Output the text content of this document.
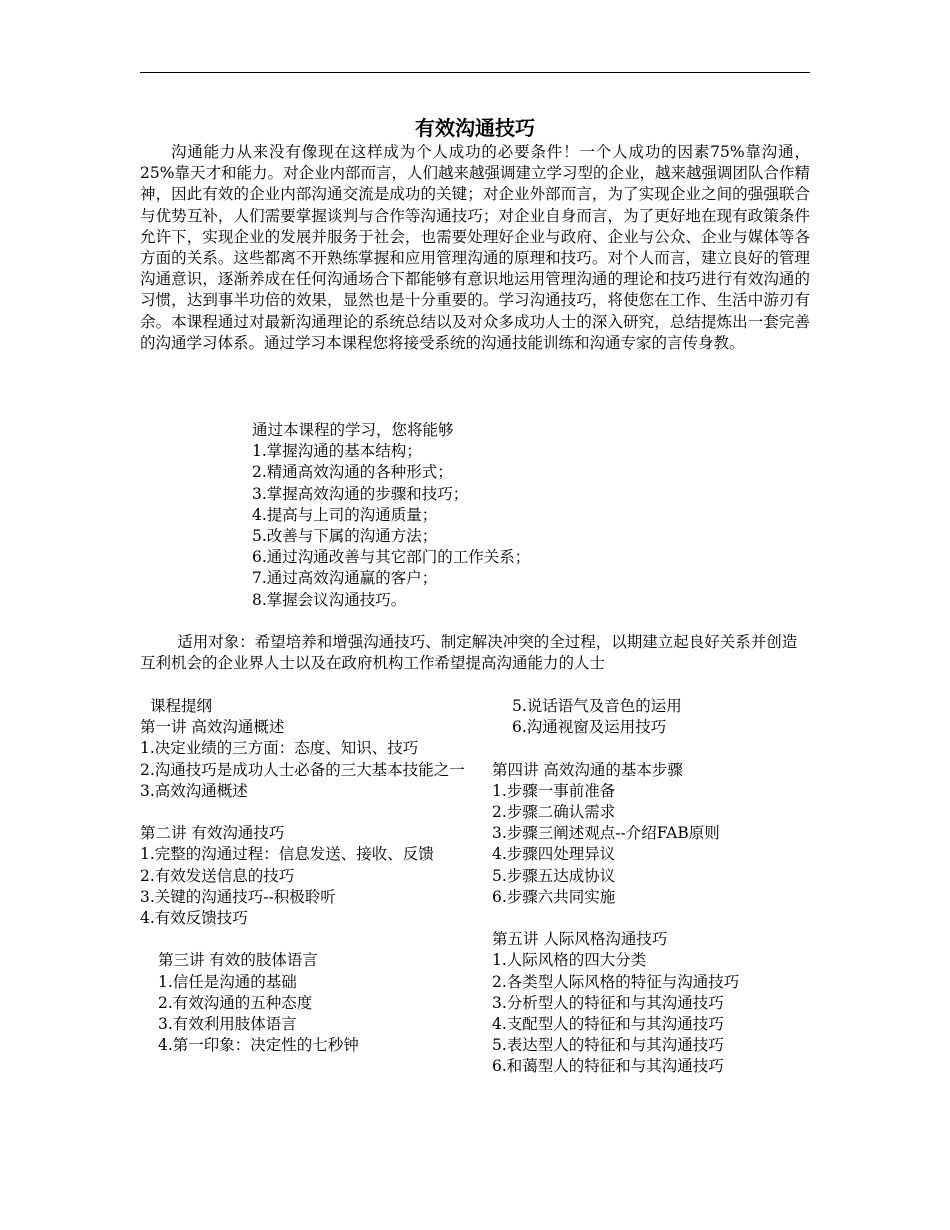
有效沟通技巧

沟通能力从来没有像现在这样成为个人成功的必要条件！一个人成功的因素75%靠沟通，25%靠天才和能力。对企业内部而言，人们越来越强调建立学习型的企业，越来越强调团队合作精神，因此有效的企业内部沟通交流是成功的关键；对企业外部而言，为了实现企业之间的强强联合与优势互补，人们需要掌握谈判与合作等沟通技巧；对企业自身而言，为了更好地在现有政策条件允许下，实现企业的发展并服务于社会，也需要处理好企业与政府、企业与公众、企业与媒体等各方面的关系。这些都离不开熟练掌握和应用管理沟通的原理和技巧。对个人而言，建立良好的管理沟通意识，逐渐养成在任何沟通场合下都能够有意识地运用管理沟通的理论和技巧进行有效沟通的习惯，达到事半功倍的效果，显然也是十分重要的。学习沟通技巧，将使您在工作、生活中游刃有余。本课程通过对最新沟通理论的系统总结以及对众多成功人士的深入研究，总结提炼出一套完善的沟通学习体系。通过学习本课程您将接受系统的沟通技能训练和沟通专家的言传身教。

通过本课程的学习，您将能够
1.掌握沟通的基本结构；
2.精通高效沟通的各种形式；
3.掌握高效沟通的步骤和技巧；
4.提高与上司的沟通质量；
5.改善与下属的沟通方法；
6.通过沟通改善与其它部门的工作关系；
7.通过高效沟通赢的客户；
8.掌握会议沟通技巧。

适用对象：希望培养和增强沟通技巧、制定解决冲突的全过程，以期建立起良好关系并创造互利机会的企业界人士以及在政府机构工作希望提高沟通能力的人士

课程提纲
第一讲 高效沟通概述
1.决定业绩的三方面：态度、知识、技巧
2.沟通技巧是成功人士必备的三大基本技能之一
3.高效沟通概述
第二讲 有效沟通技巧
1.完整的沟通过程：信息发送、接收、反馈
2.有效发送信息的技巧
3.关键的沟通技巧--积极聆听
4.有效反馈技巧
第三讲 有效的肢体语言
1.信任是沟通的基础
2.有效沟通的五种态度
3.有效利用肢体语言
4.第一印象：决定性的七秒钟
5.说话语气及音色的运用
6.沟通视窗及运用技巧
第四讲 高效沟通的基本步骤
1.步骤一事前准备
2.步骤二确认需求
3.步骤三阐述观点--介绍FAB原则
4.步骤四处理异议
5.步骤五达成协议
6.步骤六共同实施
第五讲 人际风格沟通技巧
1.人际风格的四大分类
2.各类型人际风格的特征与沟通技巧
3.分析型人的特征和与其沟通技巧
4.支配型人的特征和与其沟通技巧
5.表达型人的特征和与其沟通技巧
6.和蔼型人的特征和与其沟通技巧
